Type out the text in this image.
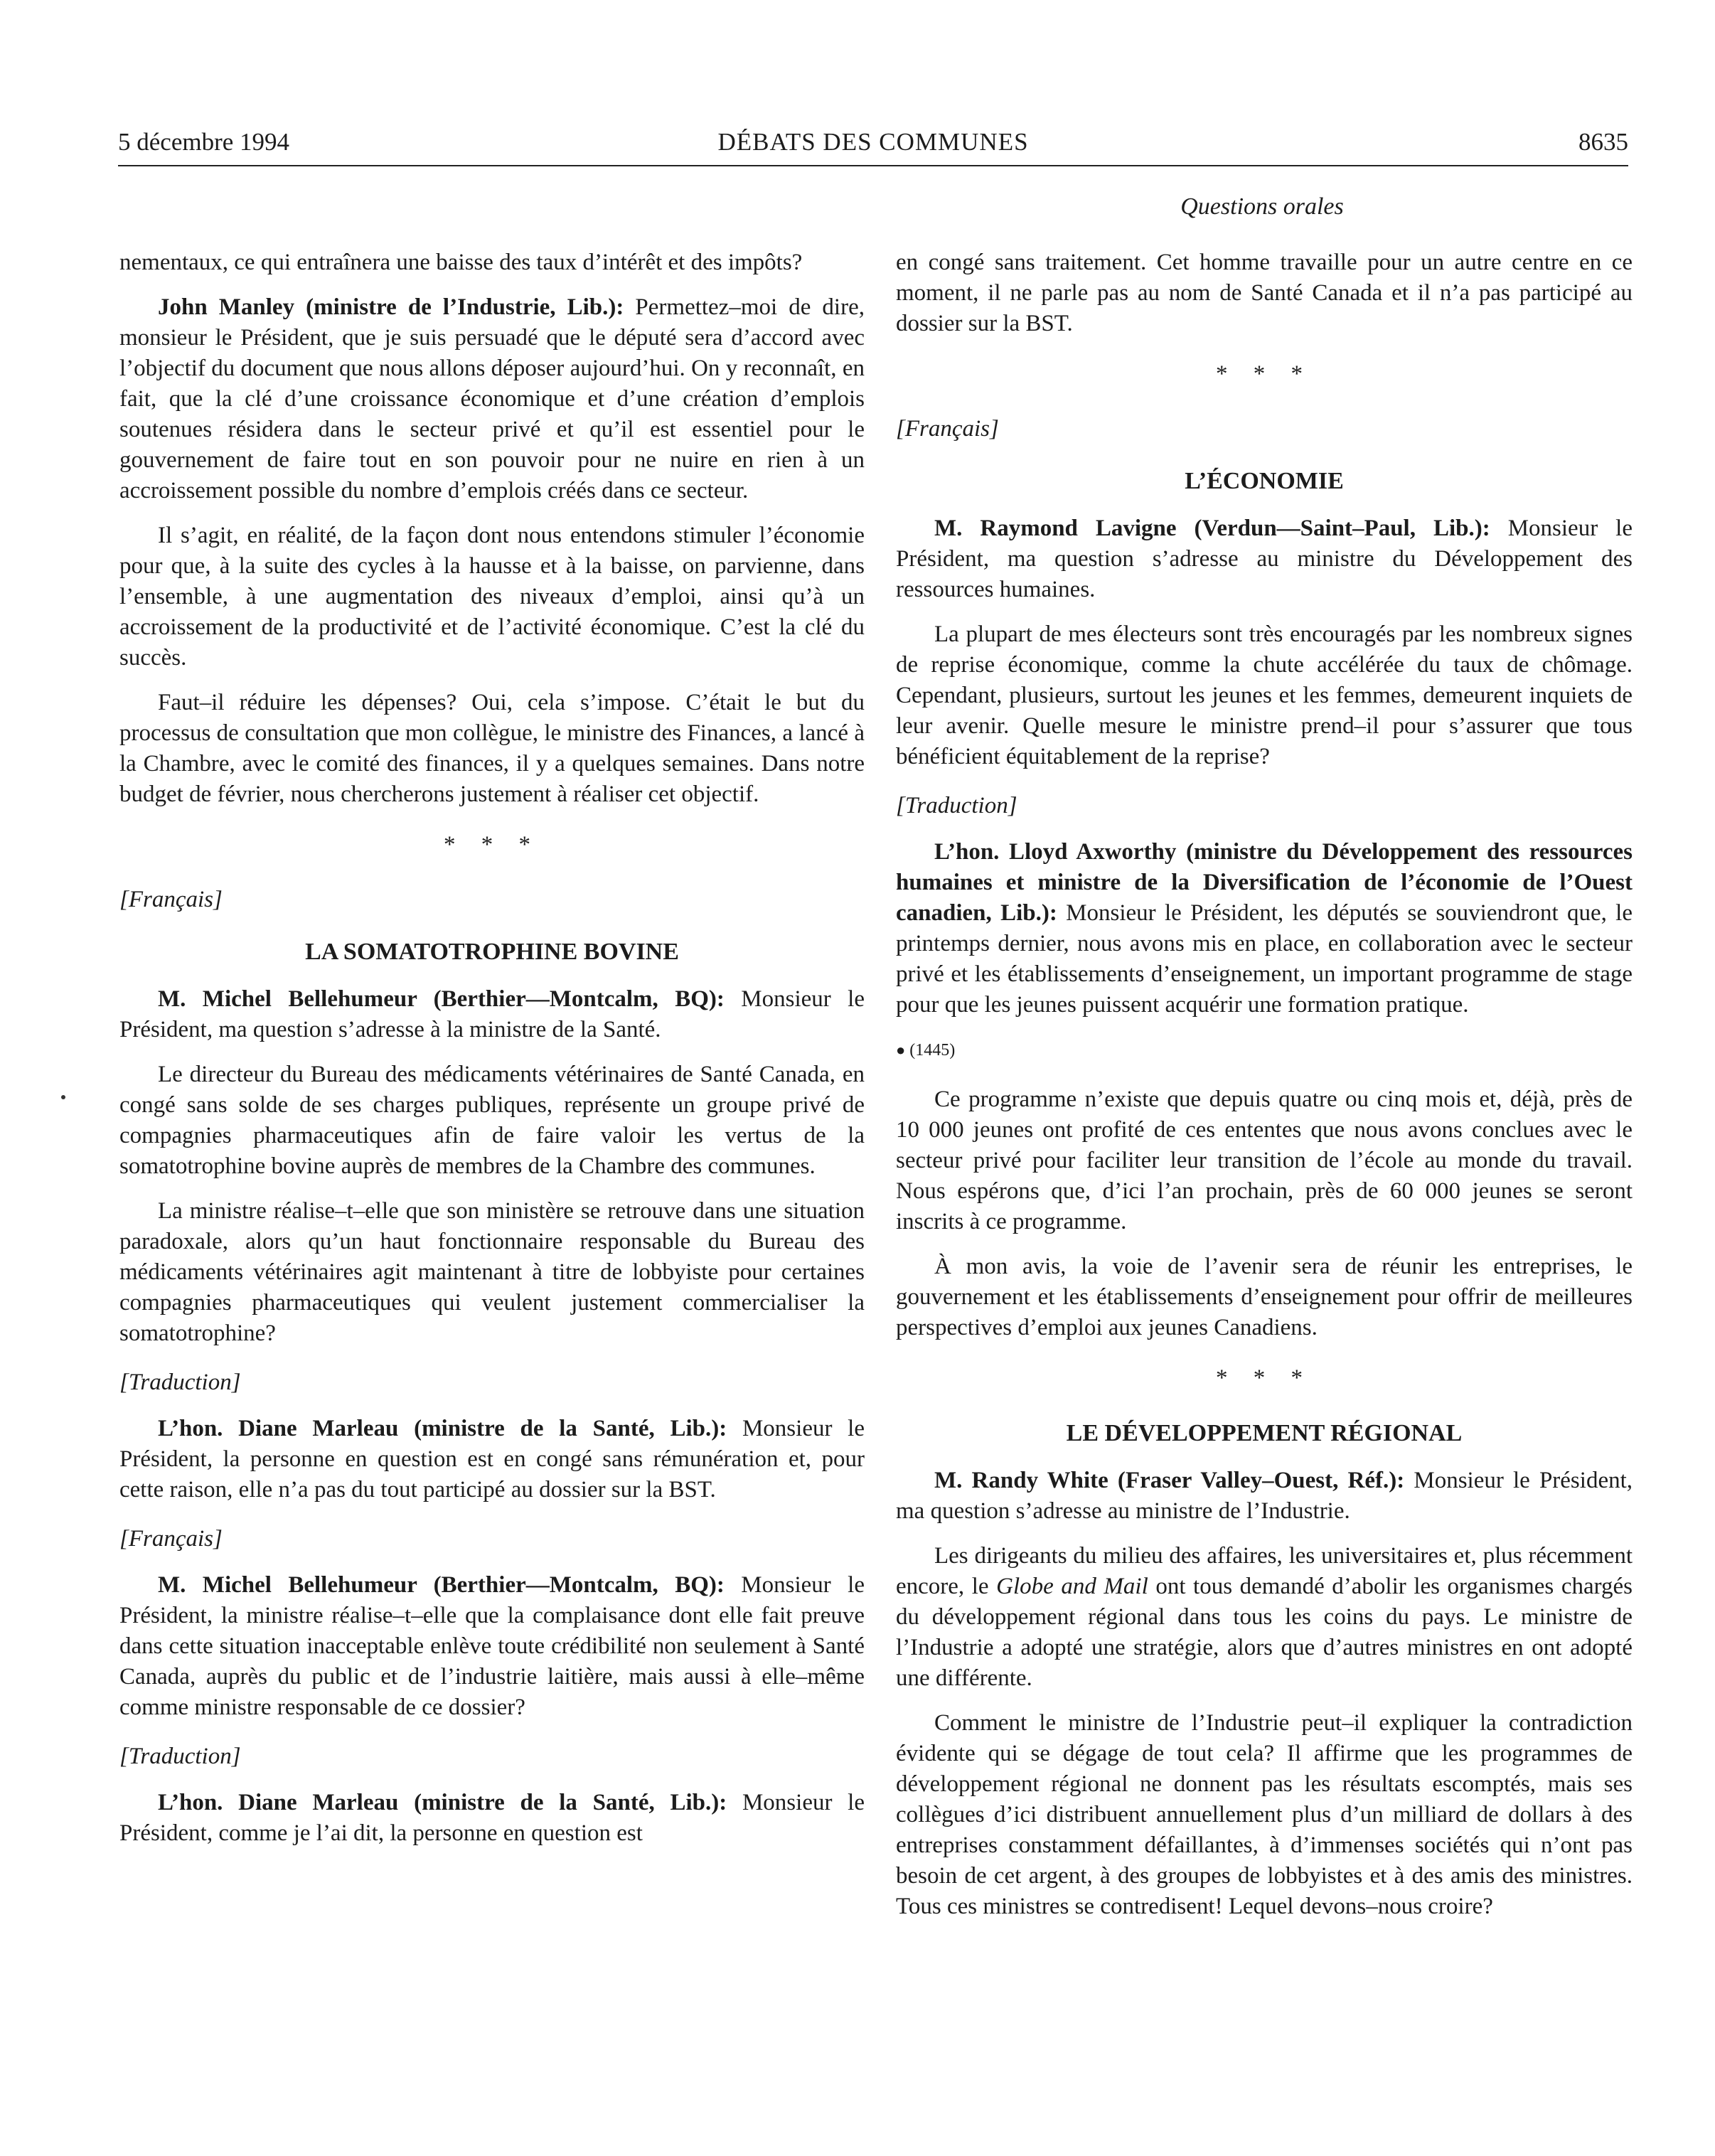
5 décembre 1994	DÉBATS DES COMMUNES	8635
Questions orales

nementaux, ce qui entraînera une baisse des taux d’intérêt et des impôts?

John Manley (ministre de l’Industrie, Lib.): Permettez–moi de dire, monsieur le Président, que je suis persuadé que le député sera d’accord avec l’objectif du document que nous allons déposer aujourd’hui. On y reconnaît, en fait, que la clé d’une croissance économique et d’une création d’emplois soutenues résidera dans le secteur privé et qu’il est essentiel pour le gouvernement de faire tout en son pouvoir pour ne nuire en rien à un accroissement possible du nombre d’emplois créés dans ce secteur.

Il s’agit, en réalité, de la façon dont nous entendons stimuler l’économie pour que, à la suite des cycles à la hausse et à la baisse, on parvienne, dans l’ensemble, à une augmentation des niveaux d’emploi, ainsi qu’à un accroissement de la productivité et de l’activité économique. C’est la clé du succès.

Faut–il réduire les dépenses? Oui, cela s’impose. C’était le but du processus de consultation que mon collègue, le ministre des Finances, a lancé à la Chambre, avec le comité des finances, il y a quelques semaines. Dans notre budget de février, nous chercherons justement à réaliser cet objectif.

* * *

[Français]

LA SOMATOTROPHINE BOVINE

M. Michel Bellehumeur (Berthier—Montcalm, BQ): Monsieur le Président, ma question s’adresse à la ministre de la Santé.

Le directeur du Bureau des médicaments vétérinaires de Santé Canada, en congé sans solde de ses charges publiques, représente un groupe privé de compagnies pharmaceutiques afin de faire valoir les vertus de la somatotrophine bovine auprès de membres de la Chambre des communes.

La ministre réalise–t–elle que son ministère se retrouve dans une situation paradoxale, alors qu’un haut fonctionnaire responsable du Bureau des médicaments vétérinaires agit maintenant à titre de lobbyiste pour certaines compagnies pharmaceutiques qui veulent justement commercialiser la somatotrophine?

[Traduction]

L’hon. Diane Marleau (ministre de la Santé, Lib.): Monsieur le Président, la personne en question est en congé sans rémunération et, pour cette raison, elle n’a pas du tout participé au dossier sur la BST.

[Français]

M. Michel Bellehumeur (Berthier—Montcalm, BQ): Monsieur le Président, la ministre réalise–t–elle que la complaisance dont elle fait preuve dans cette situation inacceptable enlève toute crédibilité non seulement à Santé Canada, auprès du public et de l’industrie laitière, mais aussi à elle–même comme ministre responsable de ce dossier?

[Traduction]

L’hon. Diane Marleau (ministre de la Santé, Lib.): Monsieur le Président, comme je l’ai dit, la personne en question est

en congé sans traitement. Cet homme travaille pour un autre centre en ce moment, il ne parle pas au nom de Santé Canada et il n’a pas participé au dossier sur la BST.

* * *

[Français]

L’ÉCONOMIE

M. Raymond Lavigne (Verdun—Saint–Paul, Lib.): Monsieur le Président, ma question s’adresse au ministre du Développement des ressources humaines.

La plupart de mes électeurs sont très encouragés par les nombreux signes de reprise économique, comme la chute accélérée du taux de chômage. Cependant, plusieurs, surtout les jeunes et les femmes, demeurent inquiets de leur avenir. Quelle mesure le ministre prend–il pour s’assurer que tous bénéficient équitablement de la reprise?

[Traduction]

L’hon. Lloyd Axworthy (ministre du Développement des ressources humaines et ministre de la Diversification de l’économie de l’Ouest canadien, Lib.): Monsieur le Président, les députés se souviendront que, le printemps dernier, nous avons mis en place, en collaboration avec le secteur privé et les établissements d’enseignement, un important programme de stage pour que les jeunes puissent acquérir une formation pratique.

● (1445)

Ce programme n’existe que depuis quatre ou cinq mois et, déjà, près de 10 000 jeunes ont profité de ces ententes que nous avons conclues avec le secteur privé pour faciliter leur transition de l’école au monde du travail. Nous espérons que, d’ici l’an prochain, près de 60 000 jeunes se seront inscrits à ce programme.

À mon avis, la voie de l’avenir sera de réunir les entreprises, le gouvernement et les établissements d’enseignement pour offrir de meilleures perspectives d’emploi aux jeunes Canadiens.

* * *

LE DÉVELOPPEMENT RÉGIONAL

M. Randy White (Fraser Valley–Ouest, Réf.): Monsieur le Président, ma question s’adresse au ministre de l’Industrie.

Les dirigeants du milieu des affaires, les universitaires et, plus récemment encore, le Globe and Mail ont tous demandé d’abolir les organismes chargés du développement régional dans tous les coins du pays. Le ministre de l’Industrie a adopté une stratégie, alors que d’autres ministres en ont adopté une différente.

Comment le ministre de l’Industrie peut–il expliquer la contradiction évidente qui se dégage de tout cela? Il affirme que les programmes de développement régional ne donnent pas les résultats escomptés, mais ses collègues d’ici distribuent annuellement plus d’un milliard de dollars à des entreprises constamment défaillantes, à d’immenses sociétés qui n’ont pas besoin de cet argent, à des groupes de lobbyistes et à des amis des ministres. Tous ces ministres se contredisent! Lequel devons–nous croire?
